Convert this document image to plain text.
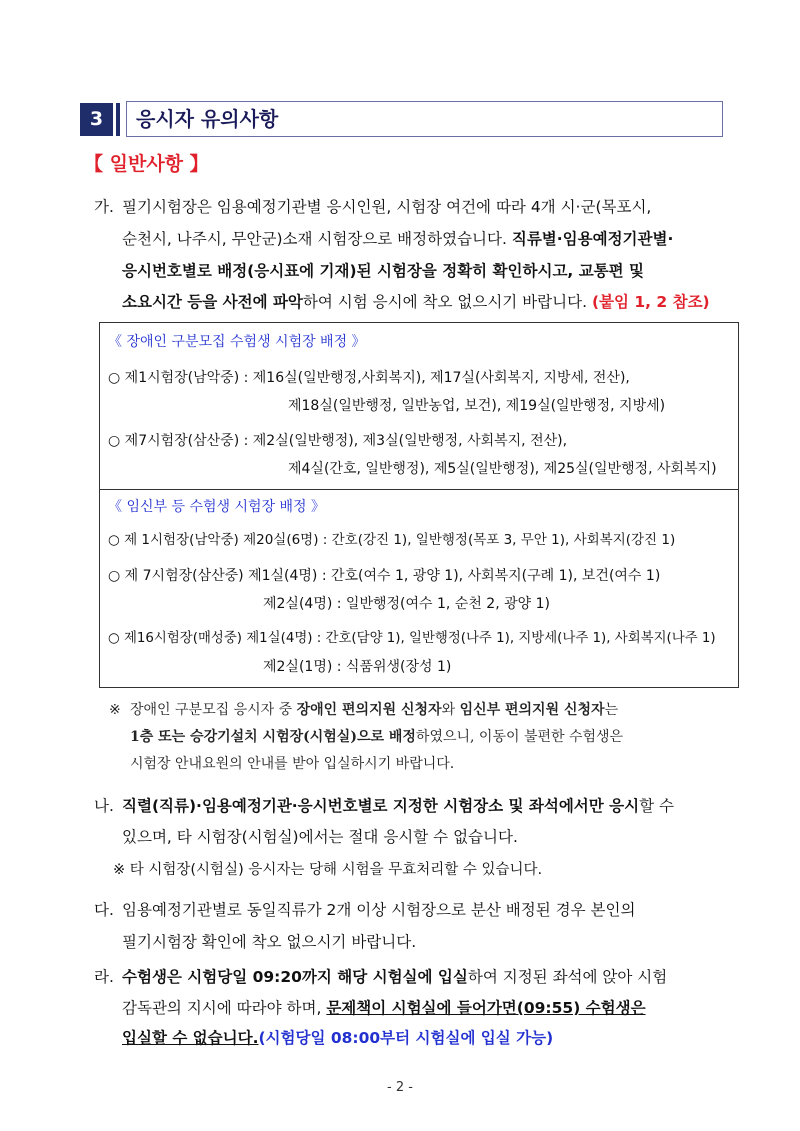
3	응시자 유의사항
【 일반사항 】
가. 필기시험장은 임용예정기관별 응시인원, 시험장 여건에 따라 4개 시·군(목포시,
순천시, 나주시, 무안군)소재 시험장으로 배정하였습니다. 직류별·임용예정기관별·
응시번호별로 배정(응시표에 기재)된 시험장을 정확히 확인하시고, 교통편 및
소요시간 등을 사전에 파악하여 시험 응시에 착오 없으시기 바랍니다. (붙임 1, 2 참조)
《 장애인 구분모집 수험생 시험장 배정 》
○ 제1시험장(남악중) : 제16실(일반행정,사회복지), 제17실(사회복지, 지방세, 전산),
제18실(일반행정, 일반농업, 보건), 제19실(일반행정, 지방세)
○ 제7시험장(삼산중) : 제2실(일반행정), 제3실(일반행정, 사회복지, 전산),
제4실(간호, 일반행정), 제5실(일반행정), 제25실(일반행정, 사회복지)
《 임신부 등 수험생 시험장 배정 》
○ 제 1시험장(남악중) 제20실(6명) : 간호(강진 1), 일반행정(목포 3, 무안 1), 사회복지(강진 1)
○ 제 7시험장(삼산중) 제1실(4명) : 간호(여수 1, 광양 1), 사회복지(구례 1), 보건(여수 1)
제2실(4명) : 일반행정(여수 1, 순천 2, 광양 1)
○ 제16시험장(매성중) 제1실(4명) : 간호(담양 1), 일반행정(나주 1), 지방세(나주 1), 사회복지(나주 1)
제2실(1명) : 식품위생(장성 1)
※ 장애인 구분모집 응시자 중 장애인 편의지원 신청자와 임신부 편의지원 신청자는
1층 또는 승강기설치 시험장(시험실)으로 배정하였으니, 이동이 불편한 수험생은
시험장 안내요원의 안내를 받아 입실하시기 바랍니다.
나. 직렬(직류)·임용예정기관·응시번호별로 지정한 시험장소 및 좌석에서만 응시할 수
있으며, 타 시험장(시험실)에서는 절대 응시할 수 없습니다.
※ 타 시험장(시험실) 응시자는 당해 시험을 무효처리할 수 있습니다.
다. 임용예정기관별로 동일직류가 2개 이상 시험장으로 분산 배정된 경우 본인의
필기시험장 확인에 착오 없으시기 바랍니다.
라. 수험생은 시험당일 09:20까지 해당 시험실에 입실하여 지정된 좌석에 앉아 시험
감독관의 지시에 따라야 하며, 문제책이 시험실에 들어가면(09:55) 수험생은
입실할 수 없습니다.(시험당일 08:00부터 시험실에 입실 가능)
- 2 -
